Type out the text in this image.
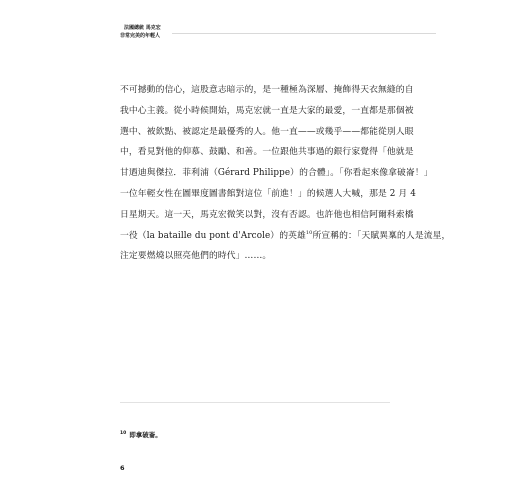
法國總統 馬克宏
非常完美的年輕人
不可撼動的信心，這股意志暗示的，是一種極為深層、掩飾得天衣無縫的自
我中心主義。從小時候開始，馬克宏就一直是大家的最愛，一直都是那個被
選中、被欽點、被認定是最優秀的人。他一直——或幾乎——都能從別人眼
中，看見對他的仰慕、鼓勵、和善。一位跟他共事過的銀行家覺得「他就是
甘迺迪與傑拉．菲利浦（Gérard Philippe）的合體」。「你看起來像拿破崙！」
一位年輕女性在圖畢度圖書館對這位「前進！」的候選人大喊，那是 2 月 4
日星期天。這一天，馬克宏微笑以對，沒有否認。也許他也相信阿爾科索橋
一役（la bataille du pont d'Arcole）的英雄$^{10}$所宣稱的：「天賦異稟的人是流星，
注定要燃燒以照亮他們的時代」……。
$^{10}$ 即拿破崙。
6
